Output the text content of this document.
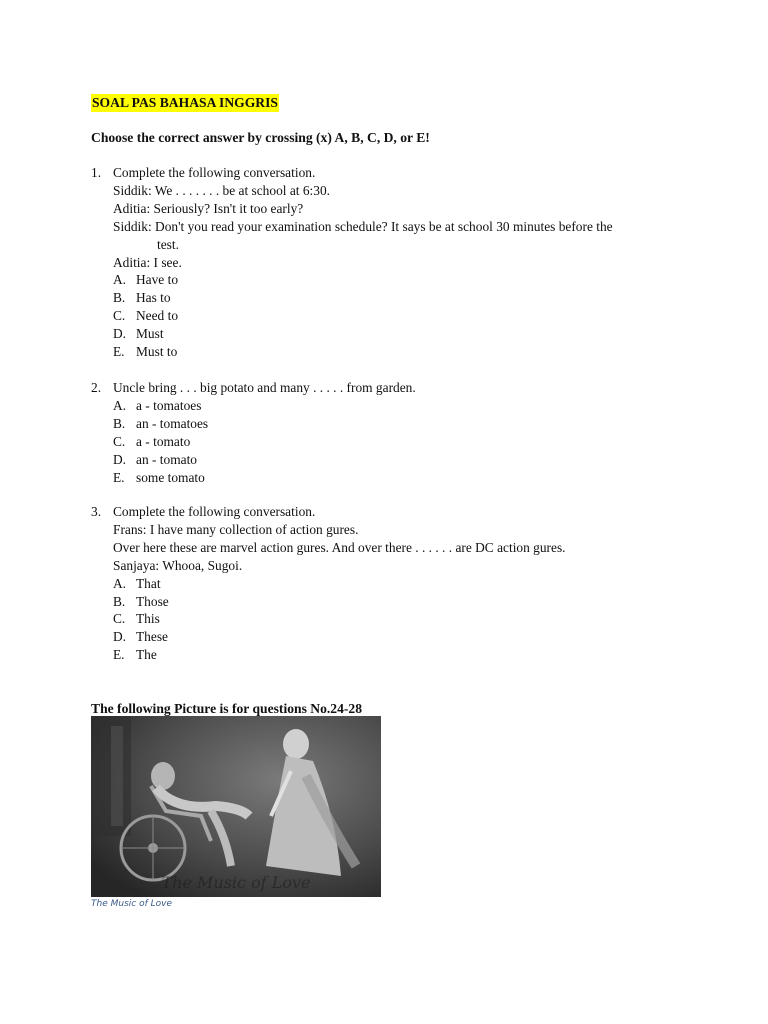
SOAL PAS BAHASA INGGRIS
Choose the correct answer by crossing (x) A, B, C, D, or E!
1. Complete the following conversation.
Siddik: We . . . . . . . be at school at 6:30.
Aditia: Seriously? Isn't it too early?
Siddik: Don't you read your examination schedule? It says be at school 30 minutes before the
test.
Aditia: I see.
A. Have to
B. Has to
C. Need to
D. Must
E. Must to
2. Uncle bring . . . big potato and many . . . . . from garden.
A. a - tomatoes
B. an - tomatoes
C. a - tomato
D. an - tomato
E. some tomato
3. Complete the following conversation.
Frans: I have many collection of action gures.
Over here these are marvel action gures. And over there . . . . . . are DC action gures.
Sanjaya: Whooa, Sugoi.
A. That
B. Those
C. This
D. These
E. The
The following Picture is for questions No.24-28
The Music of Love
The Music of Love
